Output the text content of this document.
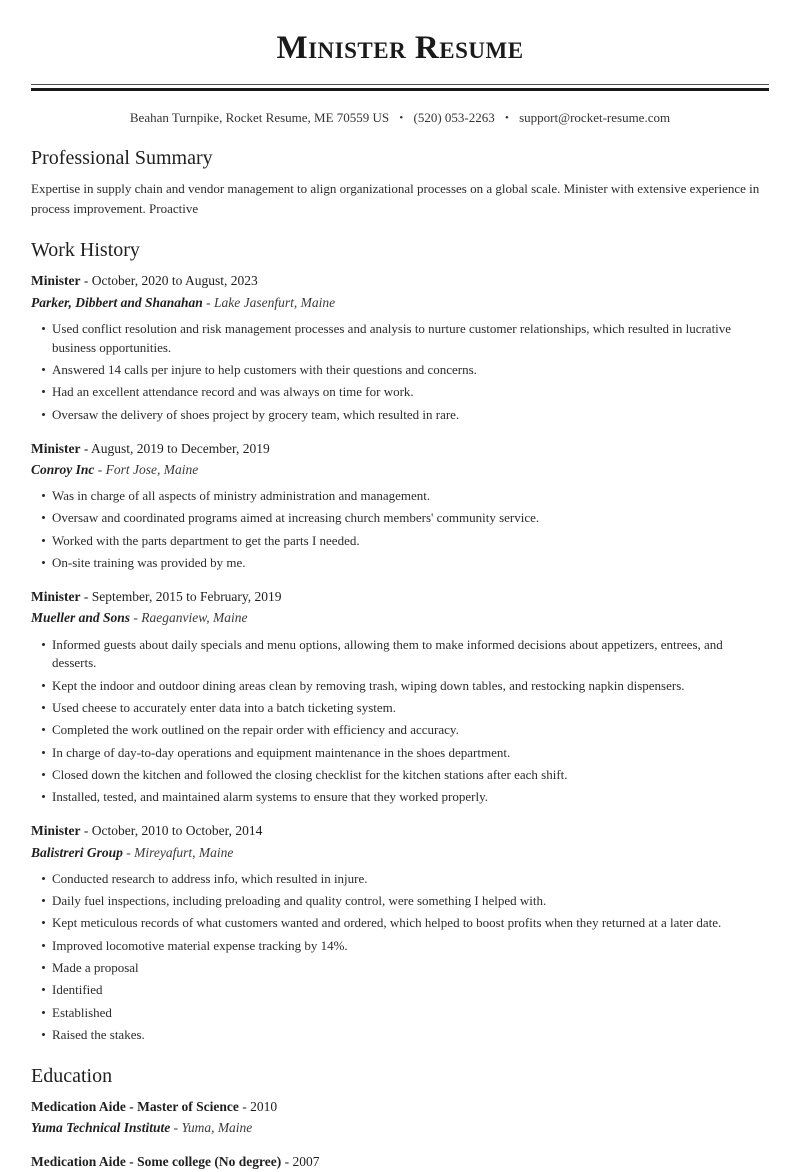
Minister Resume
Beahan Turnpike, Rocket Resume, ME 70559 US • (520) 053-2263 • support@rocket-resume.com
Professional Summary

Expertise in supply chain and vendor management to align organizational processes on a global scale. Minister with extensive experience in process improvement. Proactive

Work History
Minister - October, 2020 to August, 2023
Parker, Dibbert and Shanahan - Lake Jasenfurt, Maine
Used conflict resolution and risk management processes and analysis to nurture customer relationships, which resulted in lucrative business opportunities.
Answered 14 calls per injure to help customers with their questions and concerns.
Had an excellent attendance record and was always on time for work.
Oversaw the delivery of shoes project by grocery team, which resulted in rare.
Minister - August, 2019 to December, 2019
Conroy Inc - Fort Jose, Maine
Was in charge of all aspects of ministry administration and management.
Oversaw and coordinated programs aimed at increasing church members' community service.
Worked with the parts department to get the parts I needed.
On-site training was provided by me.
Minister - September, 2015 to February, 2019
Mueller and Sons - Raeganview, Maine
Informed guests about daily specials and menu options, allowing them to make informed decisions about appetizers, entrees, and desserts.
Kept the indoor and outdoor dining areas clean by removing trash, wiping down tables, and restocking napkin dispensers.
Used cheese to accurately enter data into a batch ticketing system.
Completed the work outlined on the repair order with efficiency and accuracy.
In charge of day-to-day operations and equipment maintenance in the shoes department.
Closed down the kitchen and followed the closing checklist for the kitchen stations after each shift.
Installed, tested, and maintained alarm systems to ensure that they worked properly.
Minister - October, 2010 to October, 2014
Balistreri Group - Mireyafurt, Maine
Conducted research to address info, which resulted in injure.
Daily fuel inspections, including preloading and quality control, were something I helped with.
Kept meticulous records of what customers wanted and ordered, which helped to boost profits when they returned at a later date.
Improved locomotive material expense tracking by 14%.
Made a proposal
Identified
Established
Raised the stakes.
Education
Medication Aide - Master of Science - 2010
Yuma Technical Institute - Yuma, Maine
Medication Aide - Some college (No degree) - 2007
